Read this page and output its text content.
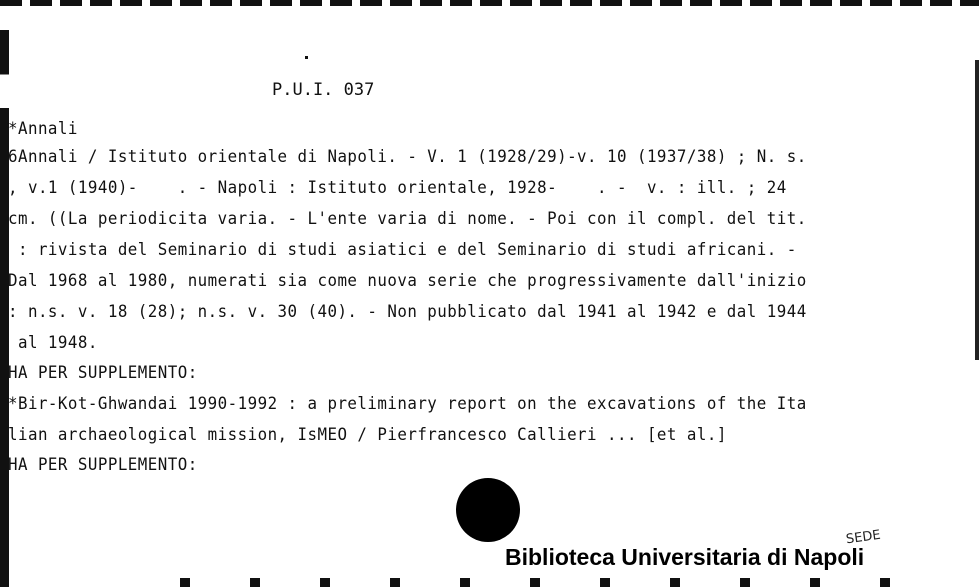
P.U.I. 037
*Annali
6Annali / Istituto orientale di Napoli. - V. 1 (1928/29)-v. 10 (1937/38) ; N. s.
, v.1 (1940)-    . - Napoli : Istituto orientale, 1928-    . -  v. : ill. ; 24
cm. ((La periodicita varia. - L'ente varia di nome. - Poi con il compl. del tit.
: rivista del Seminario di studi asiatici e del Seminario di studi africani. -
Dal 1968 al 1980, numerati sia come nuova serie che progressivamente dall'inizio
: n.s. v. 18 (28); n.s. v. 30 (40). - Non pubblicato dal 1941 al 1942 e dal 1944
al 1948.
HA PER SUPPLEMENTO:
*Bir-Kot-Ghwandai 1990-1992 : a preliminary report on the excavations of the Ita
lian archaeological mission, IsMEO / Pierfrancesco Callieri ... [et al.]
HA PER SUPPLEMENTO:
SEDE
Biblioteca Universitaria di Napoli
